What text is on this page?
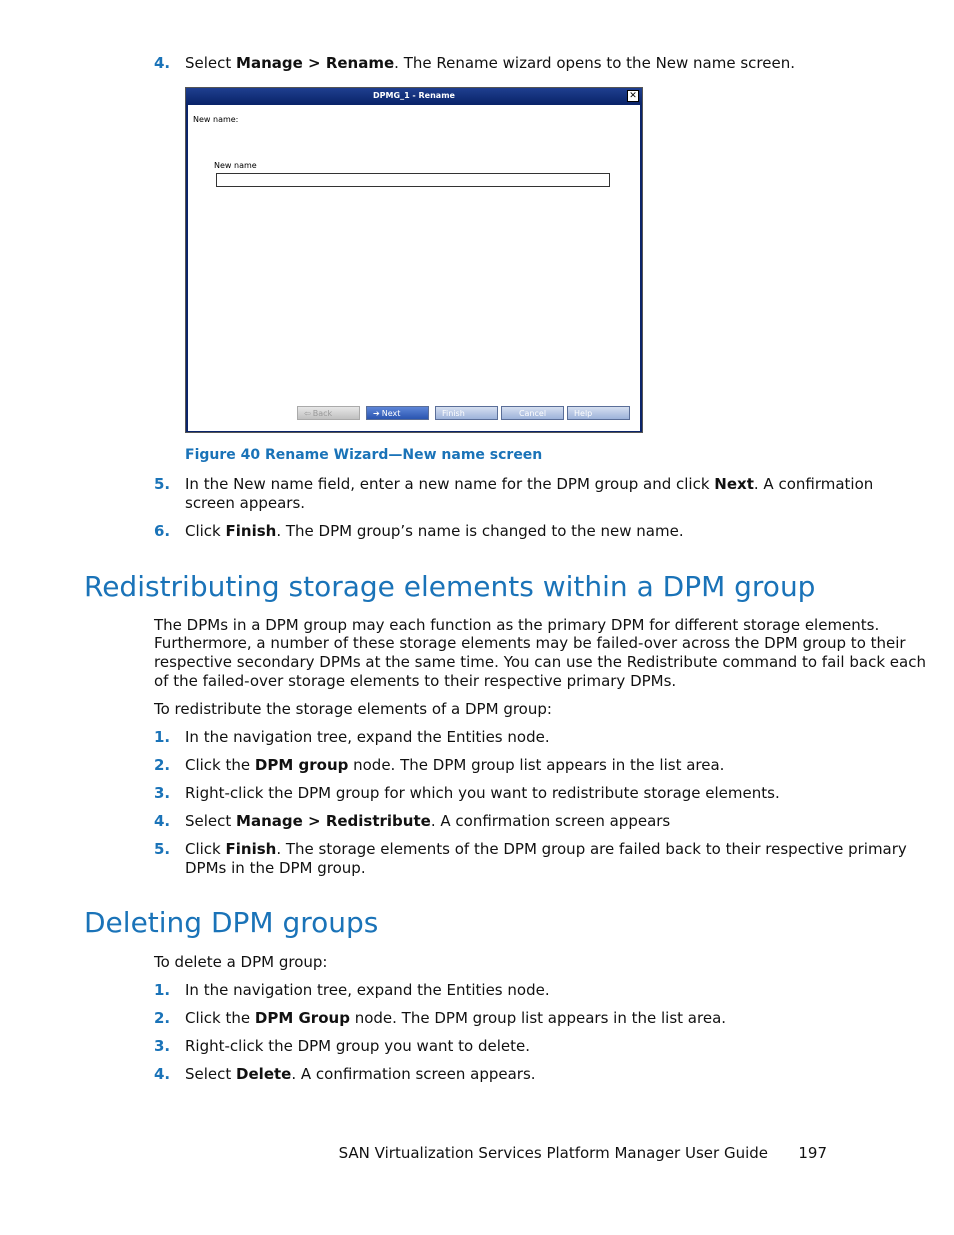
4. Select Manage > Rename. The Rename wizard opens to the New name screen.
DPMG_1 - Rename	✕
New name:
New name
⇦ Back	➔ Next	Finish	Cancel	Help
Figure 40 Rename Wizard—New name screen
5. In the New name field, enter a new name for the DPM group and click Next. A confirmation
screen appears.
6. Click Finish. The DPM group’s name is changed to the new name.
Redistributing storage elements within a DPM group
The DPMs in a DPM group may each function as the primary DPM for different storage elements.
Furthermore, a number of these storage elements may be failed-over across the DPM group to their
respective secondary DPMs at the same time. You can use the Redistribute command to fail back each
of the failed-over storage elements to their respective primary DPMs.
To redistribute the storage elements of a DPM group:
1. In the navigation tree, expand the Entities node.
2. Click the DPM group node. The DPM group list appears in the list area.
3. Right-click the DPM group for which you want to redistribute storage elements.
4. Select Manage > Redistribute. A confirmation screen appears
5. Click Finish. The storage elements of the DPM group are failed back to their respective primary
DPMs in the DPM group.
Deleting DPM groups
To delete a DPM group:
1. In the navigation tree, expand the Entities node.
2. Click the DPM Group node. The DPM group list appears in the list area.
3. Right-click the DPM group you want to delete.
4. Select Delete. A confirmation screen appears.
SAN Virtualization Services Platform Manager User Guide 197
